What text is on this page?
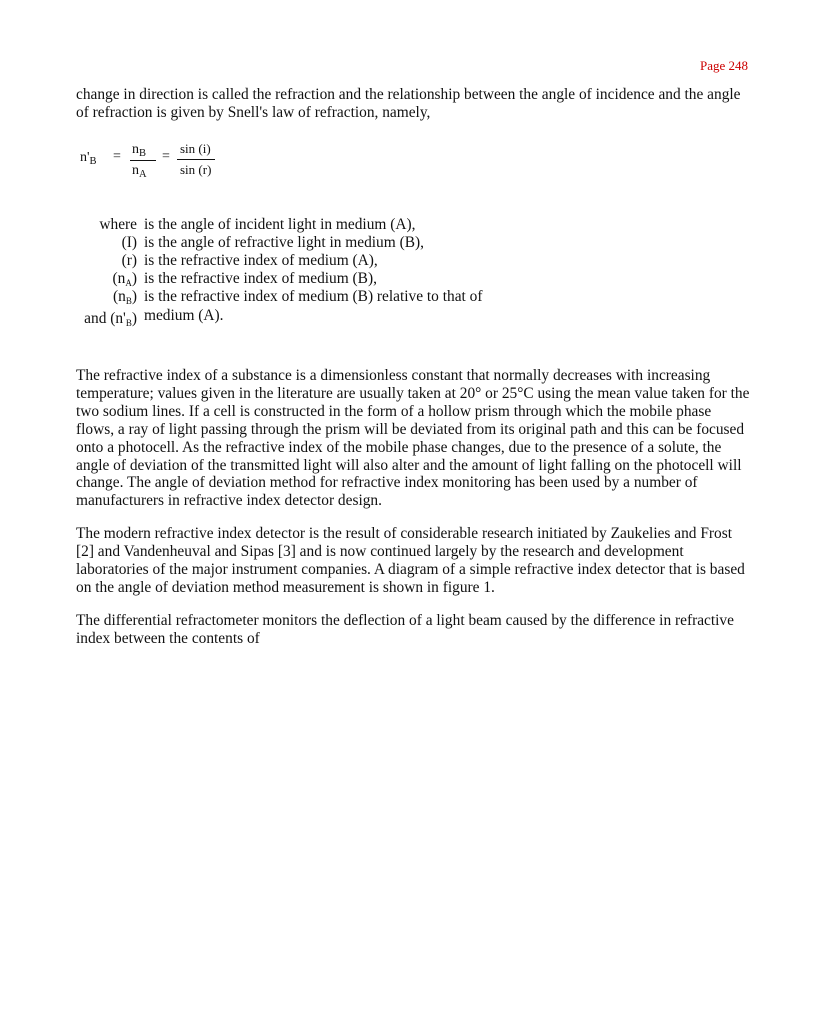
Page 248

change in direction is called the refraction and the relationship between the angle of incidence and the angle of refraction is given by Snell's law of refraction, namely,

$n'_B = n_B$
$n_A$
=
sin (i)
sin (r)
where is the angle of incident light in medium (A),
(I) is the angle of refractive light in medium (B),
(r) is the refractive index of medium (A),
(nA) is the refractive index of medium (B),
(nB) is the refractive index of medium (B) relative to that of
and (n'B) medium (A).

The refractive index of a substance is a dimensionless constant that normally decreases with increasing temperature; values given in the literature are usually taken at 20° or 25°C using the mean value taken for the two sodium lines. If a cell is constructed in the form of a hollow prism through which the mobile phase flows, a ray of light passing through the prism will be deviated from its original path and this can be focused onto a photocell. As the refractive index of the mobile phase changes, due to the presence of a solute, the angle of deviation of the transmitted light will also alter and the amount of light falling on the photocell will change. The angle of deviation method for refractive index monitoring has been used by a number of manufacturers in refractive index detector design.

The modern refractive index detector is the result of considerable research initiated by Zaukelies and Frost [2] and Vandenheuval and Sipas [3] and is now continued largely by the research and development laboratories of the major instrument companies. A diagram of a simple refractive index detector that is based on the angle of deviation method measurement is shown in figure 1.

The differential refractometer monitors the deflection of a light beam caused by the difference in refractive index between the contents of
